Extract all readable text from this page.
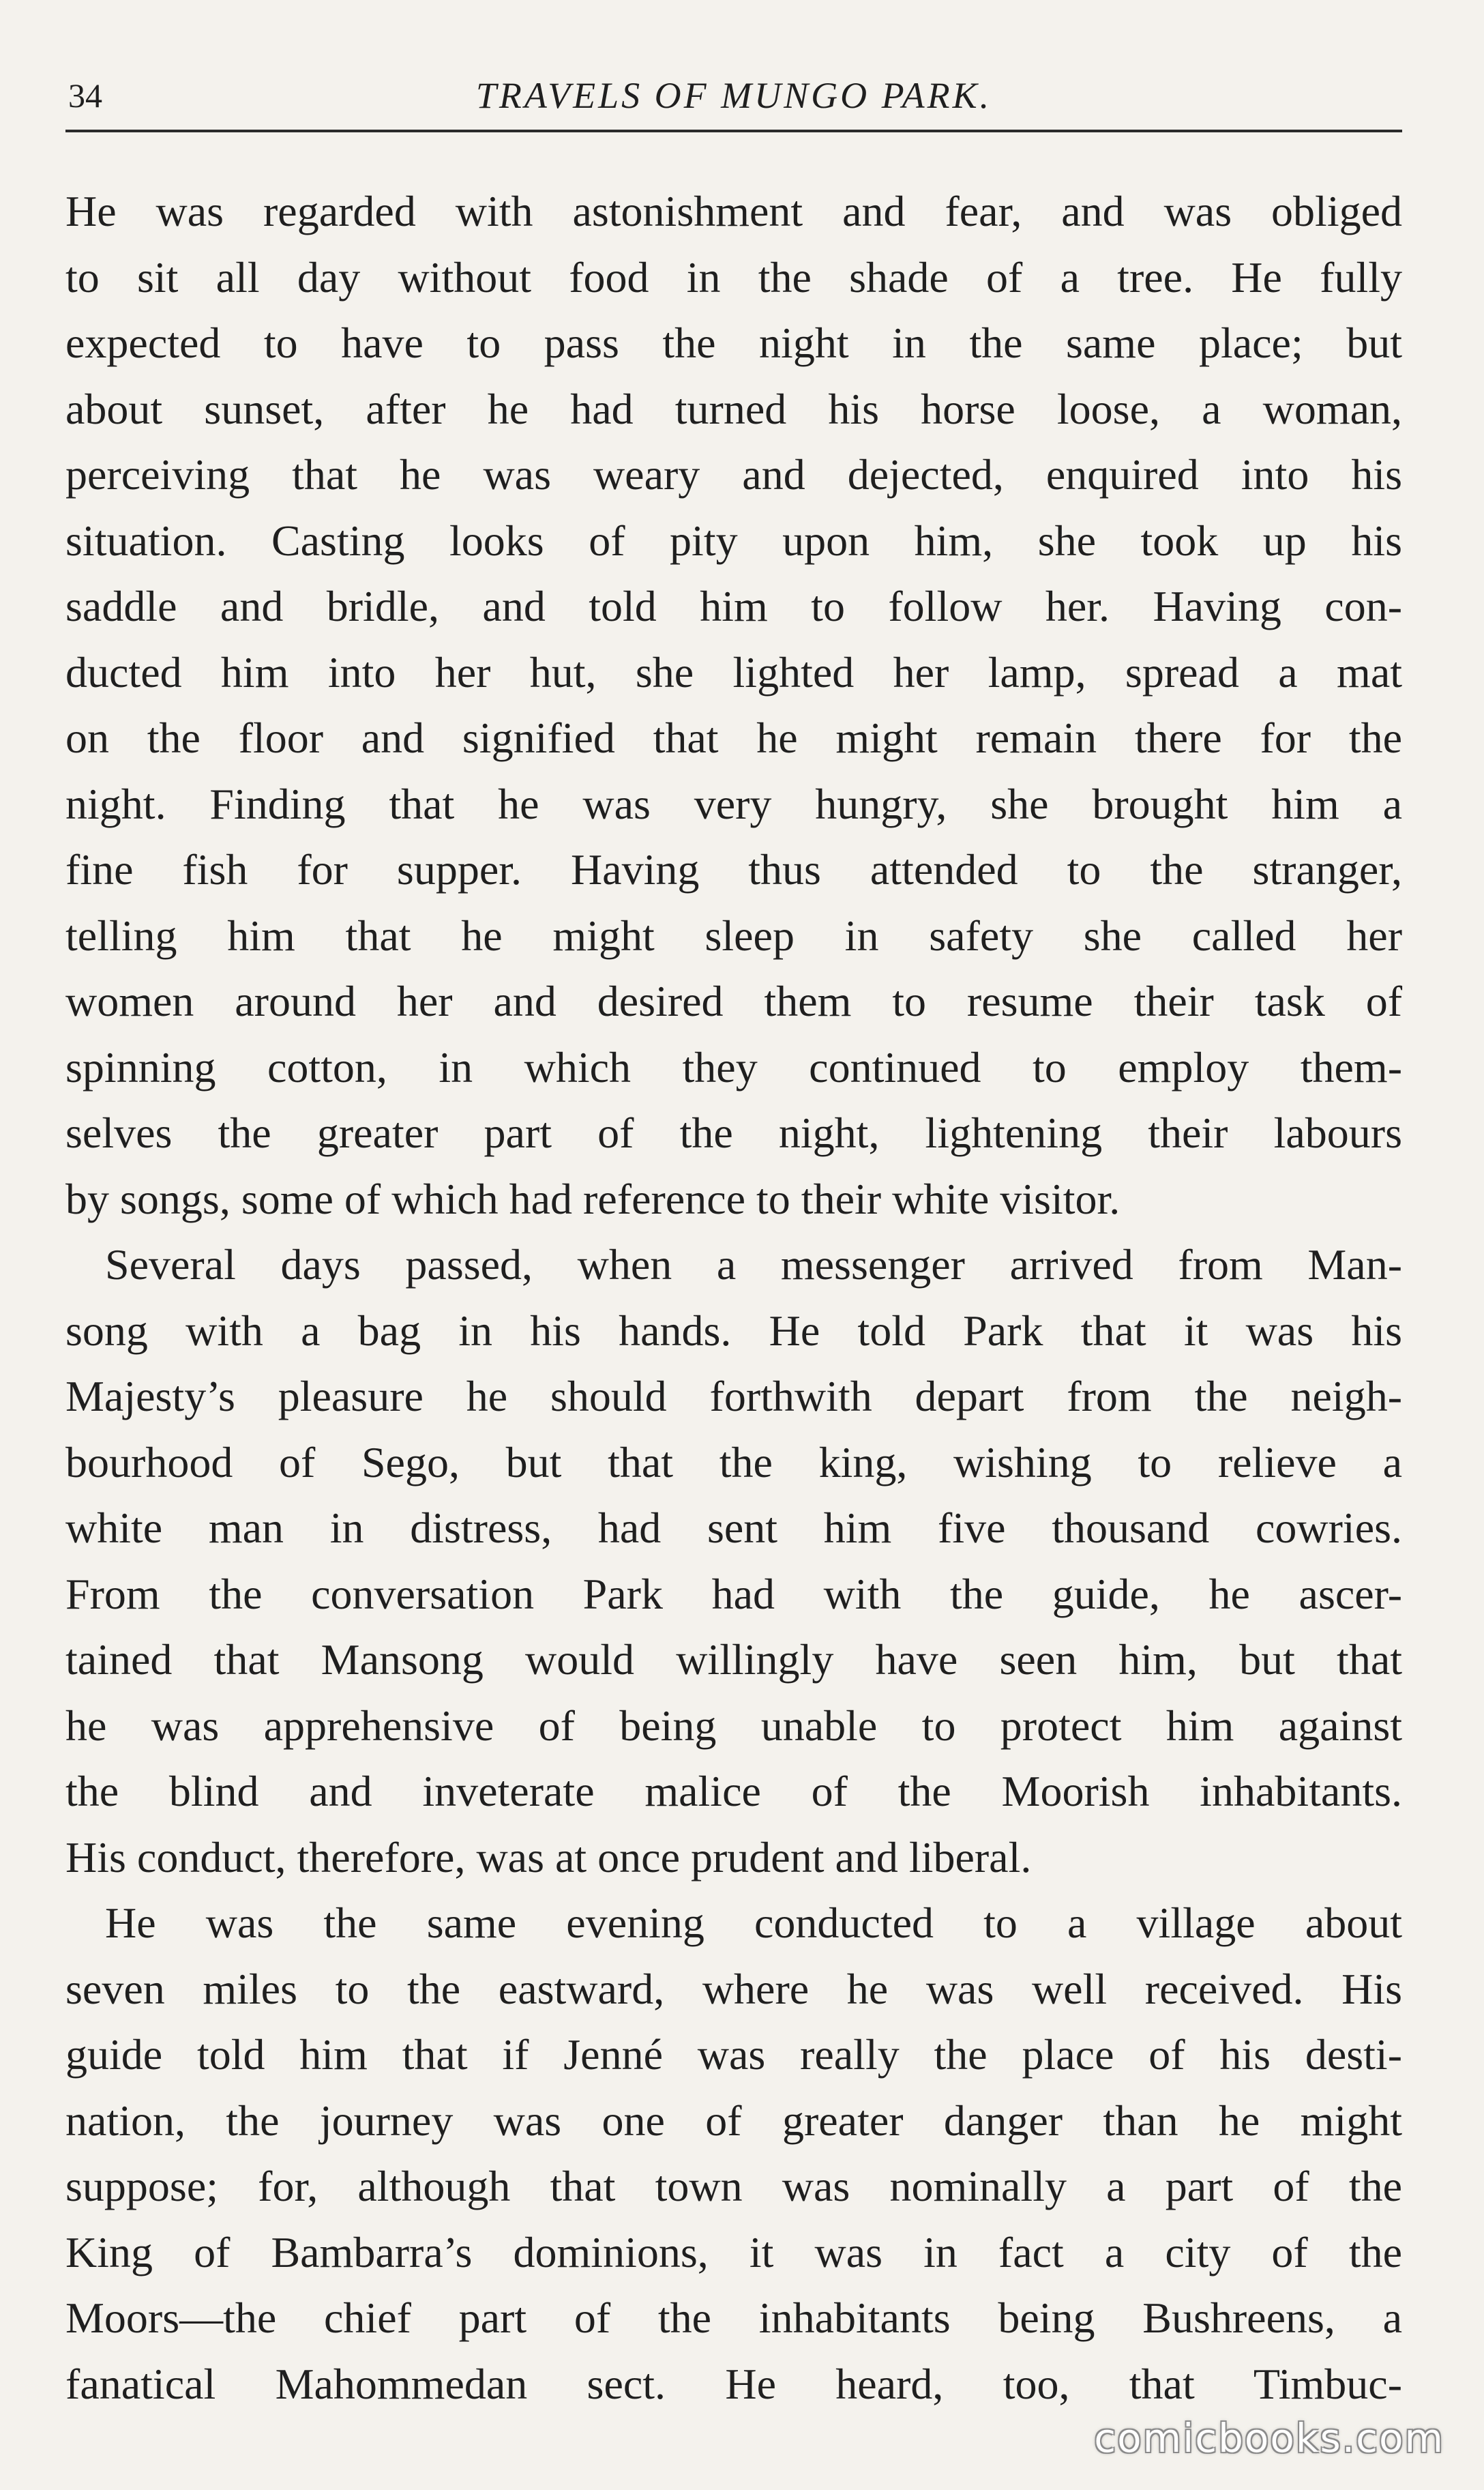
34	TRAVELS OF MUNGO PARK.
He was regarded with astonishment and fear, and was obliged
to sit all day without food in the shade of a tree. He fully
expected to have to pass the night in the same place; but
about sunset, after he had turned his horse loose, a woman,
perceiving that he was weary and dejected, enquired into his
situation. Casting looks of pity upon him, she took up his
saddle and bridle, and told him to follow her. Having con-
ducted him into her hut, she lighted her lamp, spread a mat
on the floor and signified that he might remain there for the
night. Finding that he was very hungry, she brought him a
fine fish for supper. Having thus attended to the stranger,
telling him that he might sleep in safety she called her
women around her and desired them to resume their task of
spinning cotton, in which they continued to employ them-
selves the greater part of the night, lightening their labours
by songs, some of which had reference to their white visitor.
Several days passed, when a messenger arrived from Man-
song with a bag in his hands. He told Park that it was his
Majesty’s pleasure he should forthwith depart from the neigh-
bourhood of Sego, but that the king, wishing to relieve a
white man in distress, had sent him five thousand cowries.
From the conversation Park had with the guide, he ascer-
tained that Mansong would willingly have seen him, but that
he was apprehensive of being unable to protect him against
the blind and inveterate malice of the Moorish inhabitants.
His conduct, therefore, was at once prudent and liberal.
He was the same evening conducted to a village about
seven miles to the eastward, where he was well received. His
guide told him that if Jenné was really the place of his desti-
nation, the journey was one of greater danger than he might
suppose; for, although that town was nominally a part of the
King of Bambarra’s dominions, it was in fact a city of the
Moors—the chief part of the inhabitants being Bushreens, a
fanatical Mahommedan sect. He heard, too, that Timbuc-
comicbooks.com
